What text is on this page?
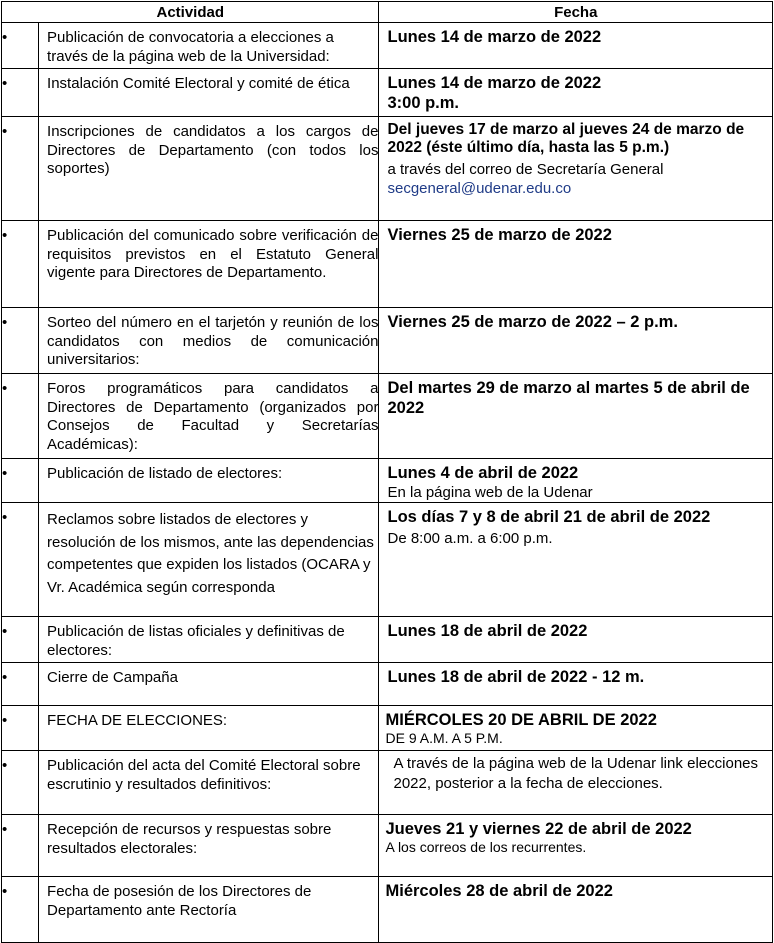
Actividad		Fecha

•	Publicación de convocatoria a elecciones a través de la página web de la Universidad:	Lunes 14 de marzo de 2022

•	Instalación Comité Electoral y comité de ética	Lunes 14 de marzo de 2022
3:00 p.m.

•	Inscripciones de candidatos a los cargos de Directores de Departamento (con todos los soportes)	Del jueves 17 de marzo al jueves 24 de marzo de 2022 (éste último día, hasta las 5 p.m.)
a través del correo de Secretaría General
secgeneral@udenar.edu.co

•	Publicación del comunicado sobre verificación de requisitos previstos en el Estatuto General vigente para Directores de Departamento.	Viernes 25 de marzo de 2022

•	Sorteo del número en el tarjetón y reunión de los candidatos con medios de comunicación universitarios:	Viernes 25 de marzo de 2022 – 2 p.m.

•	Foros programáticos para candidatos a Directores de Departamento (organizados por Consejos de Facultad y Secretarías Académicas):	Del martes 29 de marzo al martes 5 de abril de 2022

•	Publicación de listado de electores:	Lunes 4 de abril de 2022
En la página web de la Udenar

•	Reclamos sobre listados de electores y resolución de los mismos, ante las dependencias competentes que expiden los listados (OCARA y Vr. Académica según corresponda	Los días 7 y 8 de abril 21 de abril de 2022
De 8:00 a.m. a 6:00 p.m.

•	Publicación de listas oficiales y definitivas de electores:	Lunes 18 de abril de 2022

•	Cierre de Campaña	Lunes 18 de abril de 2022 - 12 m.

•	FECHA DE ELECCIONES:	MIÉRCOLES 20 DE ABRIL DE 2022
DE 9 A.M. A 5 P.M.

•	Publicación del acta del Comité Electoral sobre escrutinio y resultados definitivos:	A través de la página web de la Udenar link elecciones 2022, posterior a la fecha de elecciones.

•	Recepción de recursos y respuestas sobre resultados electorales:	Jueves 21 y viernes 22 de abril de 2022
A los correos de los recurrentes.

•	Fecha de posesión de los Directores de Departamento ante Rectoría	Miércoles 28 de abril de 2022
